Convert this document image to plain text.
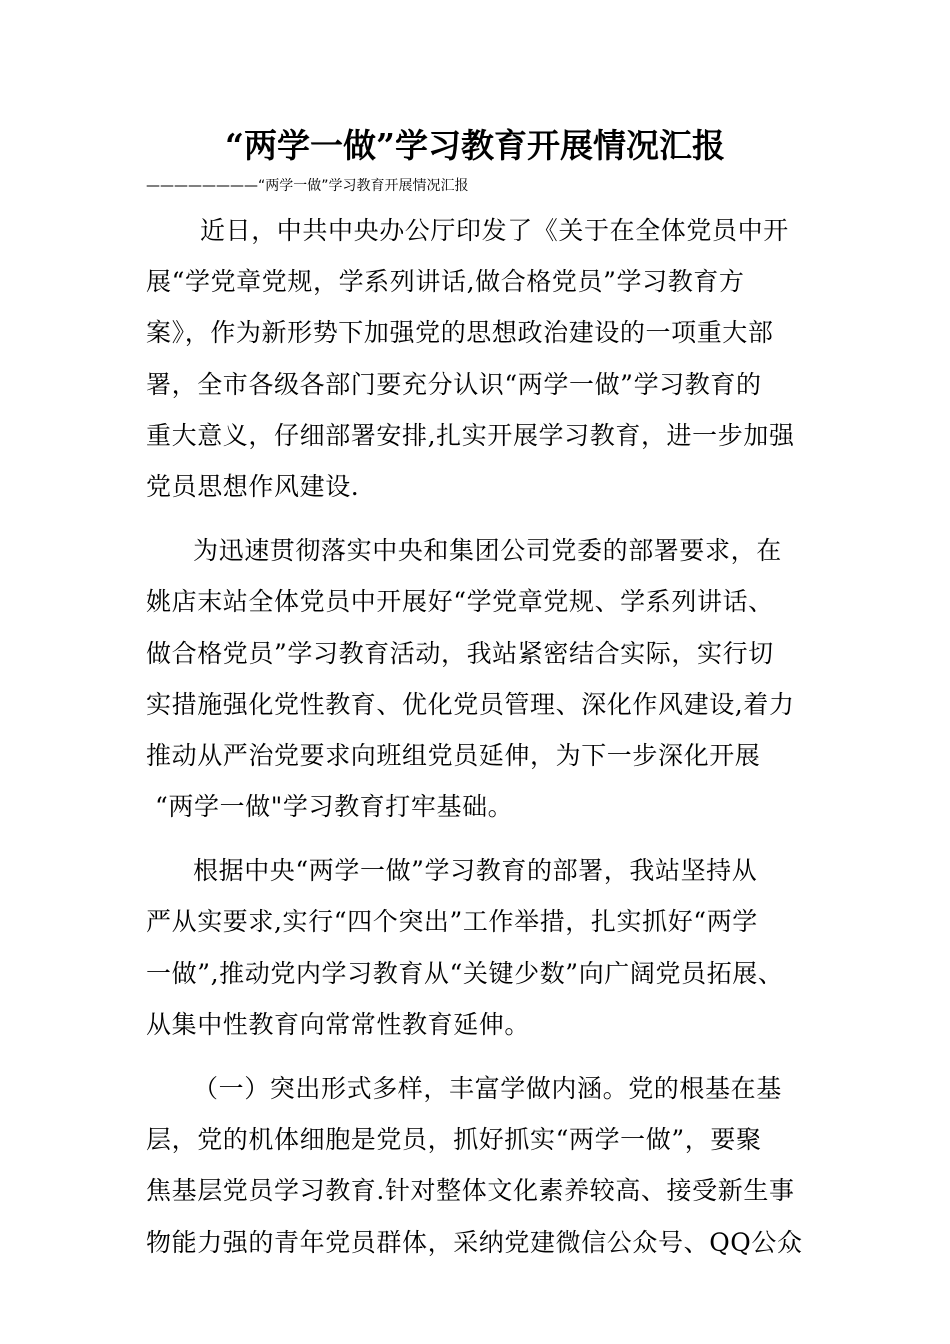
“两学一做”学习教育开展情况汇报
————————“两学一做”学习教育开展情况汇报
近日，中共中央办公厅印发了《关于在全体党员中开
展“学党章党规，学系列讲话,做合格党员”学习教育方
案》，作为新形势下加强党的思想政治建设的一项重大部
署，全市各级各部门要充分认识“两学一做”学习教育的
重大意义，仔细部署安排,扎实开展学习教育，进一步加强
党员思想作风建设.
为迅速贯彻落实中央和集团公司党委的部署要求，在
姚店末站全体党员中开展好“学党章党规、学系列讲话、
做合格党员”学习教育活动，我站紧密结合实际，实行切
实措施强化党性教育、优化党员管理、深化作风建设,着力
推动从严治党要求向班组党员延伸，为下一步深化开展
“两学一做"学习教育打牢基础。
根据中央“两学一做”学习教育的部署，我站坚持从
严从实要求,实行“四个突出”工作举措，扎实抓好“两学
一做”,推动党内学习教育从“关键少数”向广阔党员拓展、
从集中性教育向常常性教育延伸。
（一）突出形式多样，丰富学做内涵。党的根基在基
层，党的机体细胞是党员，抓好抓实“两学一做”，要聚
焦基层党员学习教育.针对整体文化素养较高、接受新生事
物能力强的青年党员群体，采纳党建微信公众号、QQ公众
